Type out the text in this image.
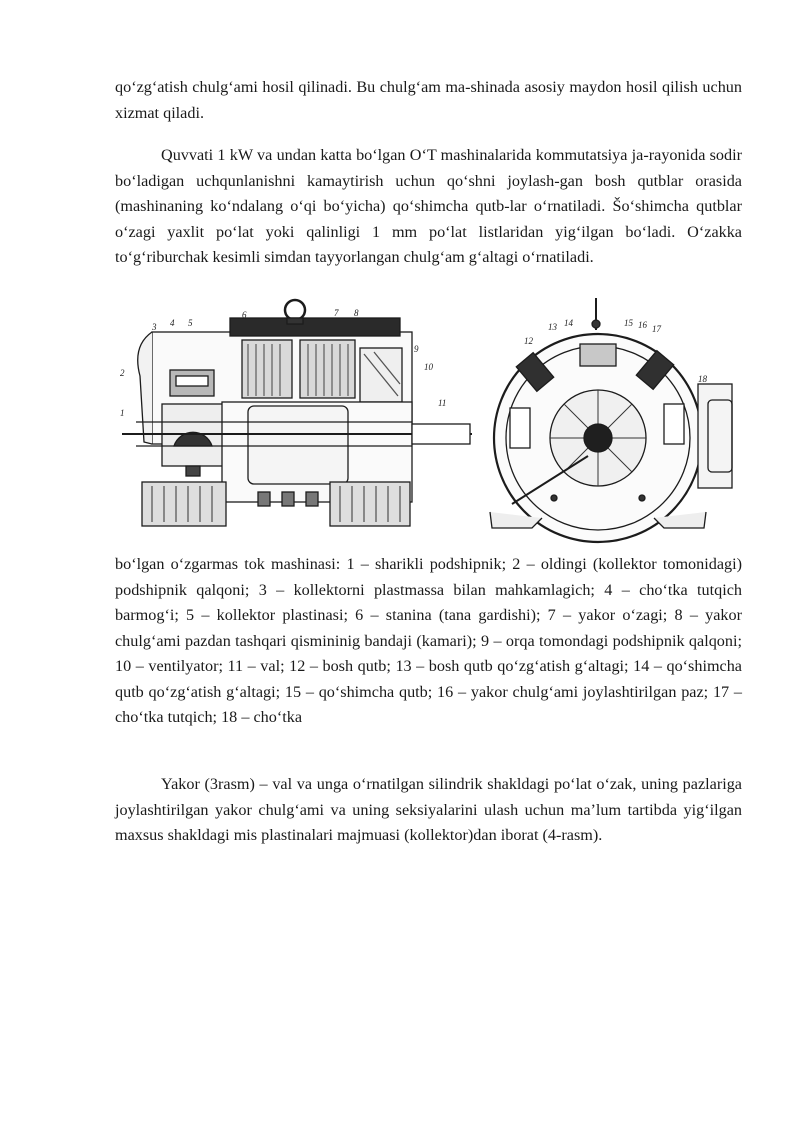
qo‘zg‘atish chulg‘ami hosil qilinadi. Bu chulg‘am ma-shinada asosiy maydon hosil qilish uchun xizmat qiladi.

Quvvati 1 kW va undan katta bo‘lgan O‘T mashinalarida kommutatsiya ja-rayonida sodir bo‘ladigan uchqunlanishni kamaytirish uchun qo‘shni joylash-gan bosh qutblar orasida (mashinaning ko‘ndalang o‘qi bo‘yicha) qo‘shimcha qutb-lar o‘rnatiladi. Šo‘shimcha qutblar o‘zagi yaxlit po‘lat yoki qalinligi 1 mm po‘lat listlaridan yig‘ilgan bo‘ladi. O‘zakka to‘g‘riburchak kesimli simdan tayyorlangan chulg‘am g‘altagi o‘rnatiladi.

1
2
3 4 5
6	7 8
9
10
11
12
13 14	15 16 17
18

bo‘lgan o‘zgarmas tok mashinasi: 1 – sharikli podshipnik; 2 – oldingi (kollektor tomonidagi) podshipnik qalqoni; 3 – kollektorni plastmassa bilan mahkamlagich; 4 – cho‘tka tutqich barmog‘i; 5 – kollektor plastinasi; 6 – stanina (tana gardishi); 7 – yakor o‘zagi; 8 – yakor chulg‘ami pazdan tashqari qismininig bandaji (kamari); 9 – orqa tomondagi podshipnik qalqoni; 10 – ventilyator; 11 – val; 12 – bosh qutb; 13 – bosh qutb qo‘zg‘atish g‘altagi; 14 – qo‘shimcha qutb qo‘zg‘atish g‘altagi; 15 – qo‘shimcha qutb; 16 – yakor chulg‘ami joylashtirilgan paz; 17 – cho‘tka tutqich; 18 – cho‘tka

Yakor (3rasm) – val va unga o‘rnatilgan silindrik shakldagi po‘lat o‘zak, uning pazlariga joylashtirilgan yakor chulg‘ami va uning seksiyalarini ulash uchun ma’lum tartibda yig‘ilgan maxsus shakldagi mis plastinalari majmuasi (kollektor)dan iborat (4-rasm).
